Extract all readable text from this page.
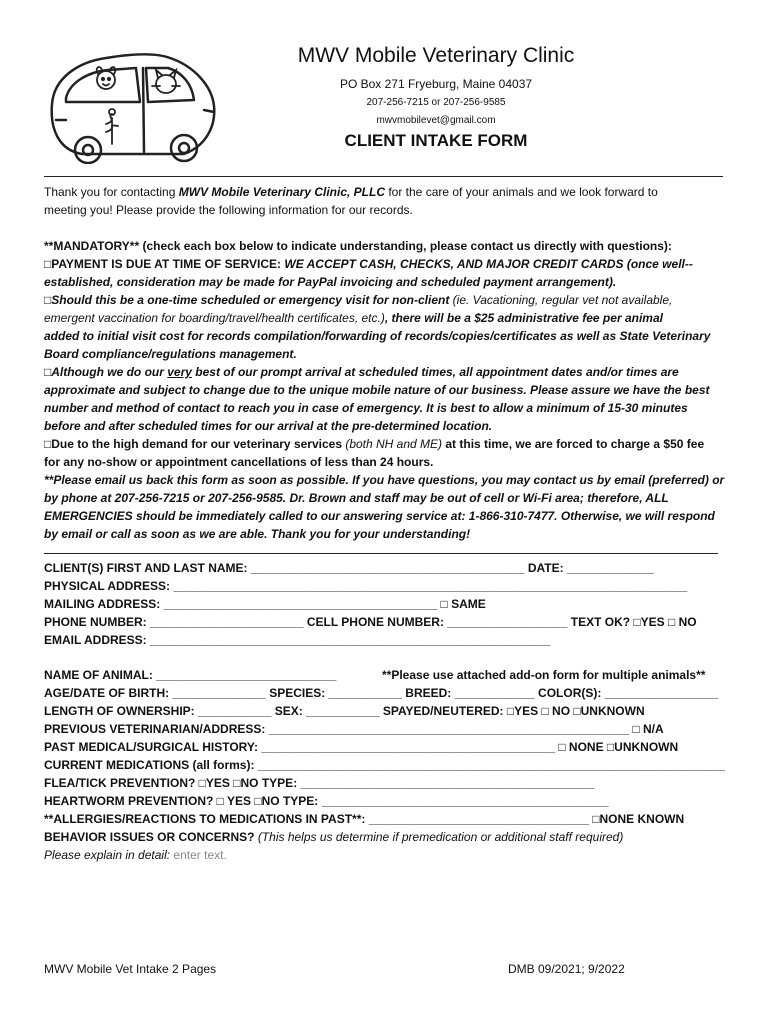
MWV Mobile Veterinary Clinic
PO Box 271 Fryeburg, Maine 04037
207-256-7215 or 207-256-9585
mwvmobilevet@gmail.com
CLIENT INTAKE FORM
Thank you for contacting MWV Mobile Veterinary Clinic, PLLC for the care of your animals and we look forward to
meeting you! Please provide the following information for our records.
**MANDATORY** (check each box below to indicate understanding, please contact us directly with questions):
□PAYMENT IS DUE AT TIME OF SERVICE: WE ACCEPT CASH, CHECKS, AND MAJOR CREDIT CARDS (once well--
established, consideration may be made for PayPal invoicing and scheduled payment arrangement).
□Should this be a one-time scheduled or emergency visit for non-client (ie. Vacationing, regular vet not available,
emergent vaccination for boarding/travel/health certificates, etc.), there will be a $25 administrative fee per animal
added to initial visit cost for records compilation/forwarding of records/copies/certificates as well as State Veterinary
Board compliance/regulations management.
□Although we do our very best of our prompt arrival at scheduled times, all appointment dates and/or times are
approximate and subject to change due to the unique mobile nature of our business. Please assure we have the best
number and method of contact to reach you in case of emergency. It is best to allow a minimum of 15-30 minutes
before and after scheduled times for our arrival at the pre-determined location.
□Due to the high demand for our veterinary services (both NH and ME) at this time, we are forced to charge a $50 fee
for any no-show or appointment cancellations of less than 24 hours.
**Please email us back this form as soon as possible. If you have questions, you may contact us by email (preferred) or
by phone at 207-256-7215 or 207-256-9585. Dr. Brown and staff may be out of cell or Wi-Fi area; therefore, ALL
EMERGENCIES should be immediately called to our answering service at: 1-866-310-7477. Otherwise, we will respond
by email or call as soon as we are able. Thank you for your understanding!
CLIENT(S) FIRST AND LAST NAME: _________________________________________ DATE: _____________
PHYSICAL ADDRESS: _____________________________________________________________________________
MAILING ADDRESS: _________________________________________ □ SAME
PHONE NUMBER: _______________________ CELL PHONE NUMBER: __________________ TEXT OK? □YES □ NO
EMAIL ADDRESS: ____________________________________________________________
NAME OF ANIMAL: ___________________________	**Please use attached add-on form for multiple animals**
AGE/DATE OF BIRTH: ______________ SPECIES: ___________ BREED: ____________ COLOR(S): _________________
LENGTH OF OWNERSHIP: ___________ SEX: ___________ SPAYED/NEUTERED: □YES □ NO □UNKNOWN
PREVIOUS VETERINARIAN/ADDRESS: ______________________________________________________ □ N/A
PAST MEDICAL/SURGICAL HISTORY: ____________________________________________ □ NONE □UNKNOWN
CURRENT MEDICATIONS (all forms): ______________________________________________________________________
FLEA/TICK PREVENTION? □YES □NO TYPE: ____________________________________________
HEARTWORM PREVENTION? □ YES □NO TYPE: ___________________________________________
**ALLERGIES/REACTIONS TO MEDICATIONS IN PAST**: _________________________________ □NONE KNOWN
BEHAVIOR ISSUES OR CONCERNS? (This helps us determine if premedication or additional staff required)
Please explain in detail: enter text.
MWV Mobile Vet Intake 2 Pages	DMB 09/2021; 9/2022
